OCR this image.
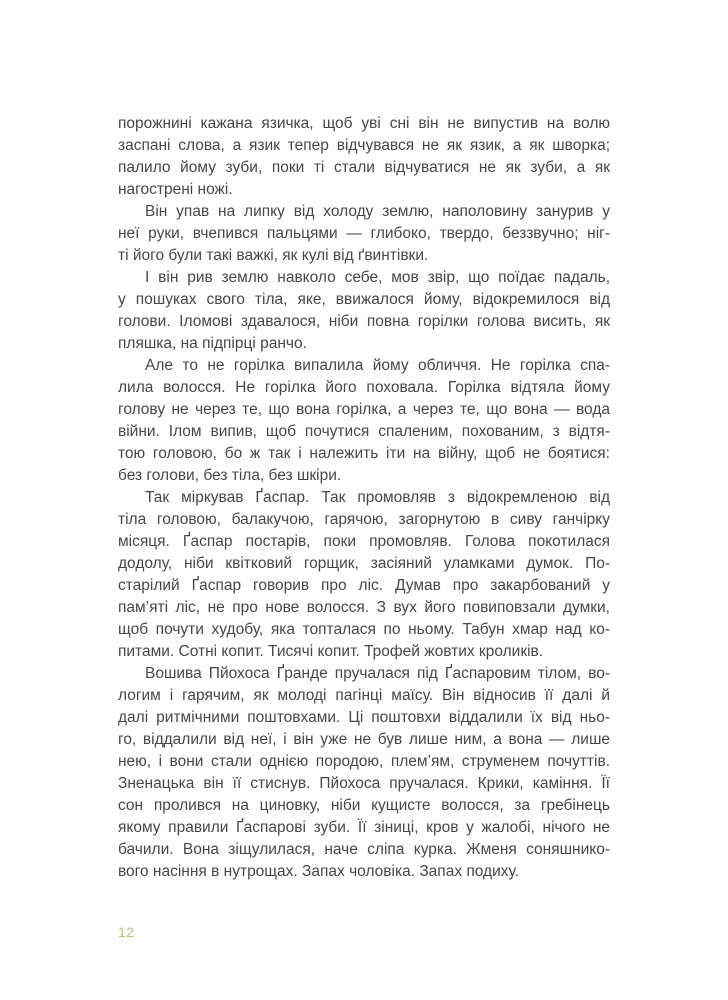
порожнині кажана язичка, щоб уві сні він не випустив на волю
заспані слова, а язик тепер відчувався не як язик, а як шворка;
палило йому зуби, поки ті стали відчуватися не як зуби, а як
нагострені ножі.
Він упав на липку від холоду землю, наполовину занурив у
неї руки, вчепився пальцями — глибоко, твердо, беззвучно; ніг-
ті його були такі важкі, як кулі від ґвинтівки.
І він рив землю навколо себе, мов звір, що поїдає падаль,
у пошуках свого тіла, яке, ввижалося йому, відокремилося від
голови. Іломові здавалося, ніби повна горілки голова висить, як
пляшка, на підпірці ранчо.
Але то не горілка випалила йому обличчя. Не горілка спа-
лила волосся. Не горілка його поховала. Горілка відтяла йому
голову не через те, що вона горілка, а через те, що вона — вода
війни. Ілом випив, щоб почутися спаленим, похованим, з відтя-
тою головою, бо ж так і належить іти на війну, щоб не боятися:
без голови, без тіла, без шкіри.
Так міркував Ґаспар. Так промовляв з відокремленою від
тіла головою, балакучою, гарячою, загорнутою в сиву ганчірку
місяця. Ґаспар постарів, поки промовляв. Голова покотилася
додолу, ніби квітковий горщик, засіяний уламками думок. По-
старілий Ґаспар говорив про ліс. Думав про закарбований у
пам’яті ліс, не про нове волосся. З вух його повиповзали думки,
щоб почути худобу, яка топталася по ньому. Табун хмар над ко-
питами. Сотні копит. Тисячі копит. Трофей жовтих кроликів.
Вошива Пйохоса Ґранде пручалася під Ґаспаровим тілом, во-
логим і гарячим, як молоді пагінці маїсу. Він відносив її далі й
далі ритмічними поштовхами. Ці поштовхи віддалили їх від ньо-
го, віддалили від неї, і він уже не був лише ним, а вона — лише
нею, і вони стали однією породою, плем’ям, струменем почуттів.
Зненацька він її стиснув. Пйохоса пручалася. Крики, каміння. Її
сон пролився на циновку, ніби кущисте волосся, за гребінець
якому правили Ґаспарові зуби. Її зіниці, кров у жалобі, нічого не
бачили. Вона зіщулилася, наче сліпа курка. Жменя соняшнико-
вого насіння в нутрощах. Запах чоловіка. Запах подиху.
12
